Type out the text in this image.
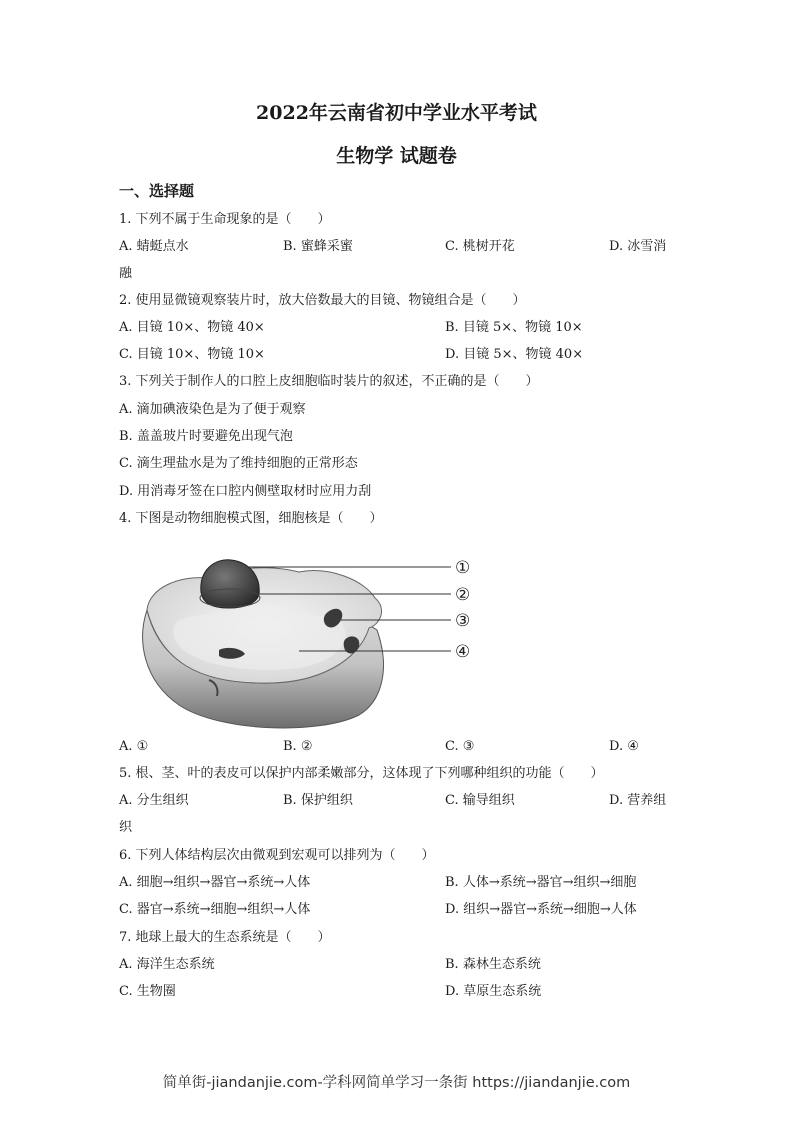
2022年云南省初中学业水平考试
生物学 试题卷
一、选择题
1. 下列不属于生命现象的是（　　）
A. 蜻蜓点水	B. 蜜蜂采蜜	C. 桃树开花	D. 冰雪消
融
2. 使用显微镜观察装片时，放大倍数最大的目镜、物镜组合是（　　）
A. 目镜 10×、物镜 40×	B. 目镜 5×、物镜 10×
C. 目镜 10×、物镜 10×	D. 目镜 5×、物镜 40×
3. 下列关于制作人的口腔上皮细胞临时装片的叙述，不正确的是（　　）
A. 滴加碘液染色是为了便于观察
B. 盖盖玻片时要避免出现气泡
C. 滴生理盐水是为了维持细胞的正常形态
D. 用消毒牙签在口腔内侧壁取材时应用力刮
4. 下图是动物细胞模式图，细胞核是（　　）
①
②
③
④
A. ①	B. ②	C. ③	D. ④
5. 根、茎、叶的表皮可以保护内部柔嫩部分，这体现了下列哪种组织的功能（　　）
A. 分生组织	B. 保护组织	C. 输导组织	D. 营养组
织
6. 下列人体结构层次由微观到宏观可以排列为（　　）
A. 细胞→组织→器官→系统→人体	B. 人体→系统→器官→组织→细胞
C. 器官→系统→细胞→组织→人体	D. 组织→器官→系统→细胞→人体
7. 地球上最大的生态系统是（　　）
A. 海洋生态系统	B. 森林生态系统
C. 生物圈	D. 草原生态系统
简单街-jiandanjie.com-学科网简单学习一条街 https://jiandanjie.com
